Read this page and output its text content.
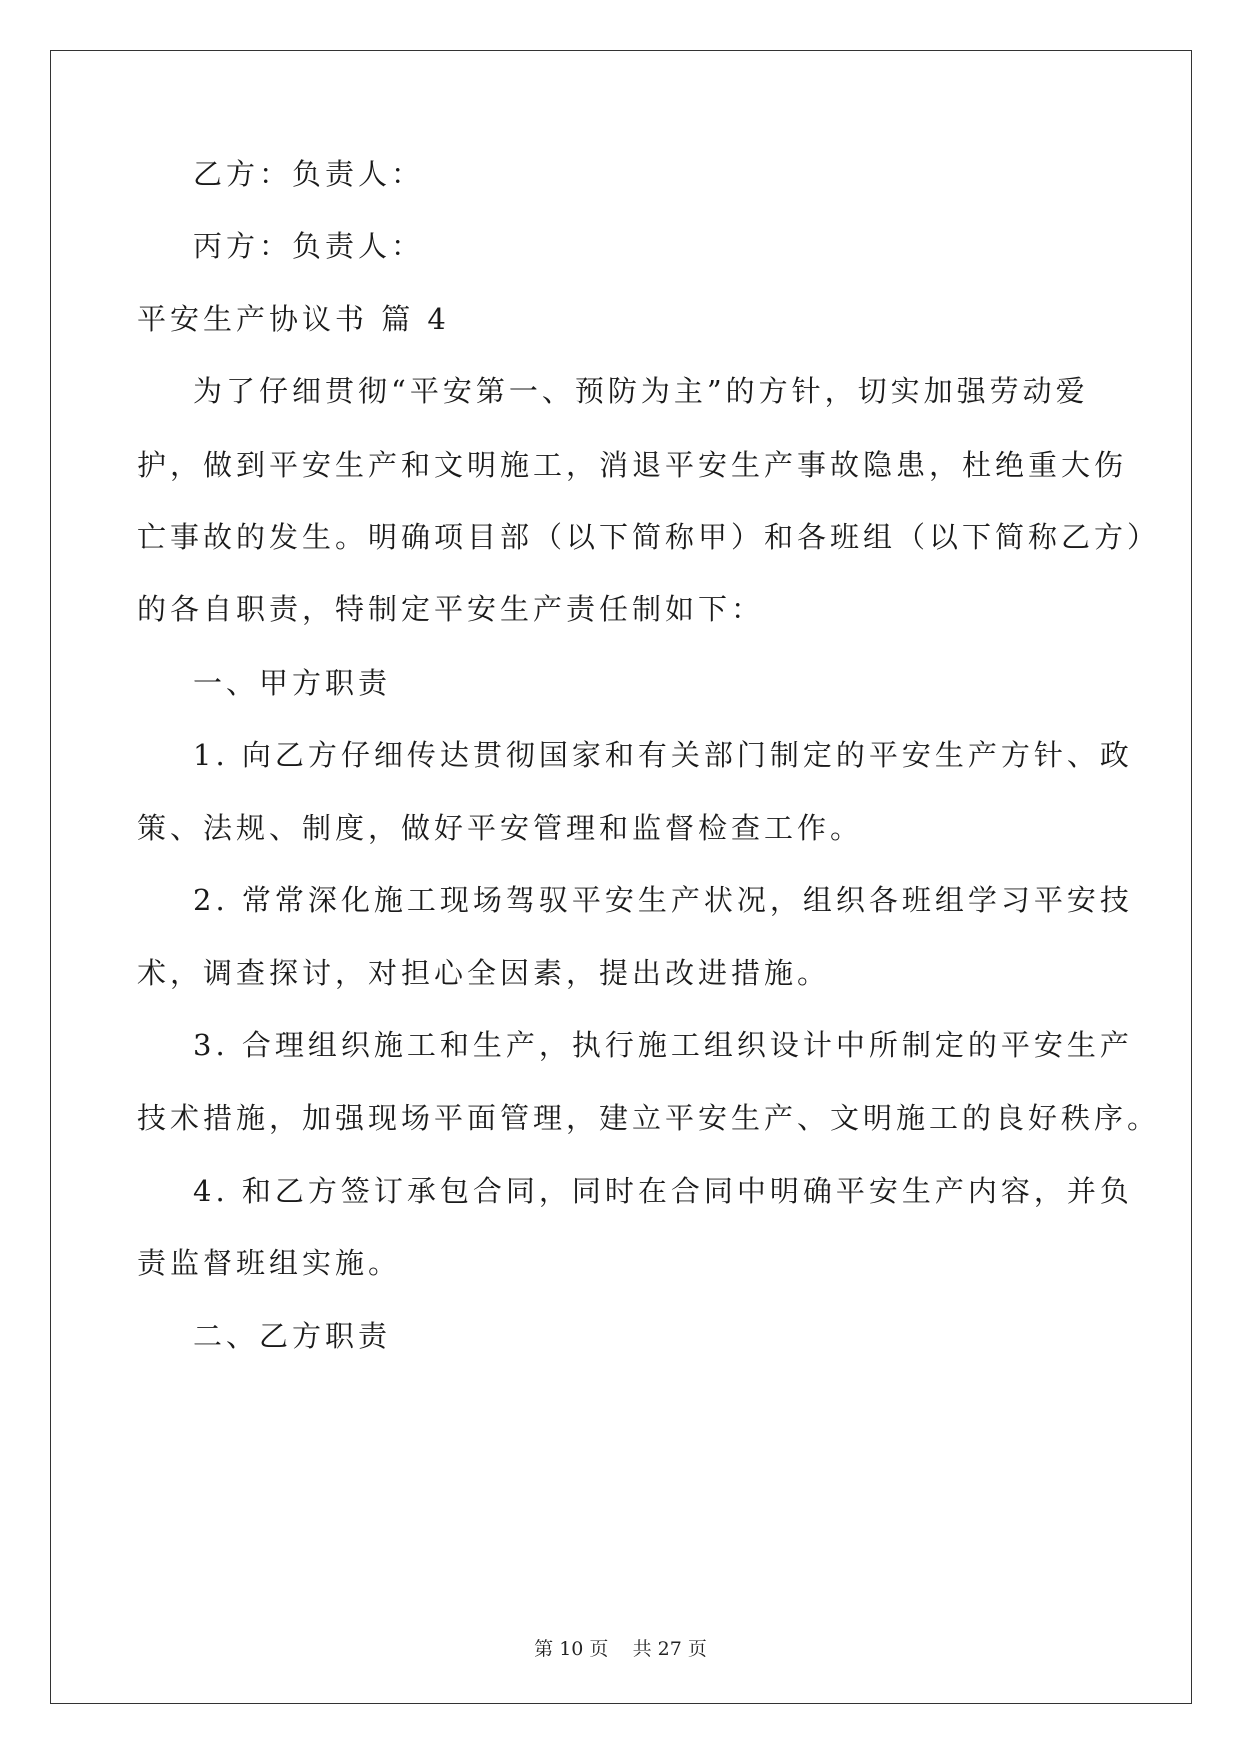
乙方：负责人：
丙方：负责人：
平安生产协议书 篇 4
为了仔细贯彻“平安第一、预防为主”的方针，切实加强劳动爱
护，做到平安生产和文明施工，消退平安生产事故隐患，杜绝重大伤
亡事故的发生。明确项目部（以下简称甲）和各班组（以下简称乙方）
的各自职责，特制定平安生产责任制如下：
一、甲方职责
1. 向乙方仔细传达贯彻国家和有关部门制定的平安生产方针、政
策、法规、制度，做好平安管理和监督检查工作。
2. 常常深化施工现场驾驭平安生产状况，组织各班组学习平安技
术，调查探讨，对担心全因素，提出改进措施。
3. 合理组织施工和生产，执行施工组织设计中所制定的平安生产
技术措施，加强现场平面管理，建立平安生产、文明施工的良好秩序。
4. 和乙方签订承包合同，同时在合同中明确平安生产内容，并负
责监督班组实施。
二、乙方职责
第 10 页    共 27 页
